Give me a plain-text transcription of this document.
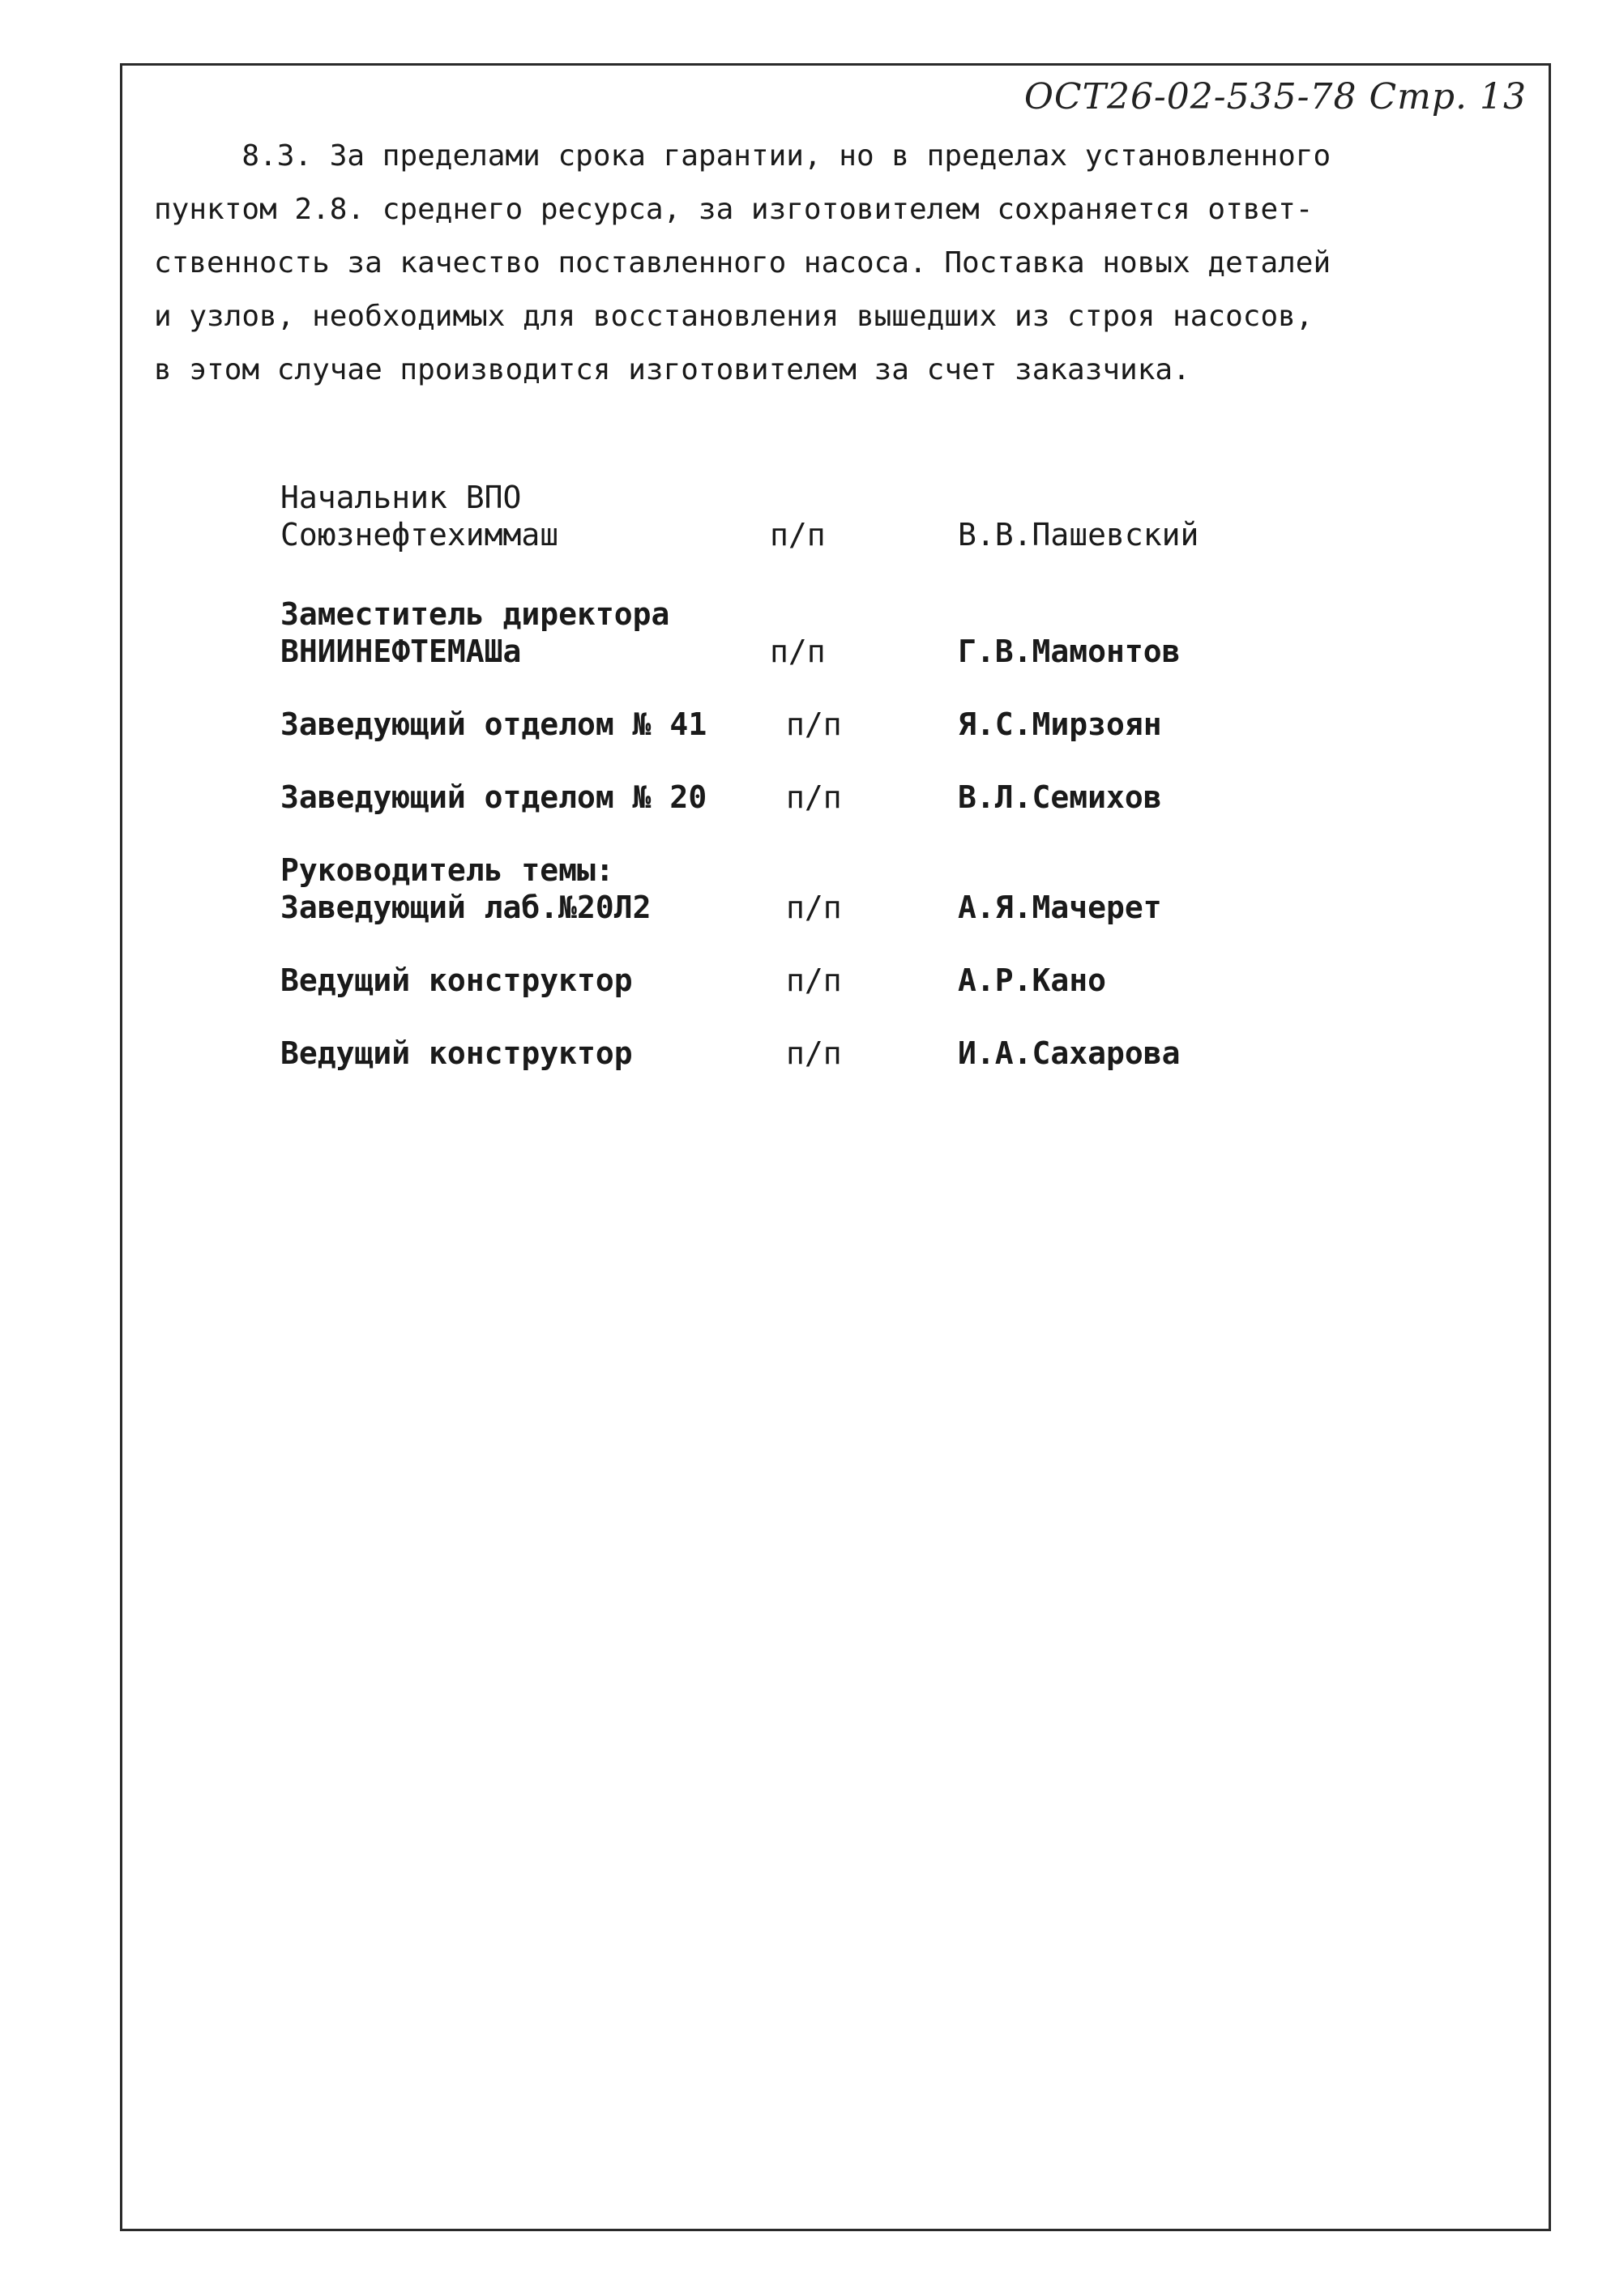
ОСТ26-02-535-78 Стр. 13
8.3. За пределами срока гарантии, но в пределах установленного
пунктом 2.8. среднего ресурса, за изготовителем сохраняется ответ-
ственность за качество поставленного насоса. Поставка новых деталей
и узлов, необходимых для восстановления вышедших из строя насосов,
в этом случае производится изготовителем за счет заказчика.
Начальник ВПО
Союзнефтехиммаш	п/п	В.В.Пашевский
Заместитель директора
ВНИИНЕФТЕМАШа	п/п	Г.В.Мамонтов
Заведующий отделом № 41	п/п	Я.С.Мирзоян
Заведующий отделом № 20	п/п	В.Л.Семихов
Руководитель темы:
Заведующий лаб.№20Л2	п/п	А.Я.Мачерет
Ведущий конструктор	п/п	А.Р.Кано
Ведущий конструктор	п/п	И.А.Сахарова
